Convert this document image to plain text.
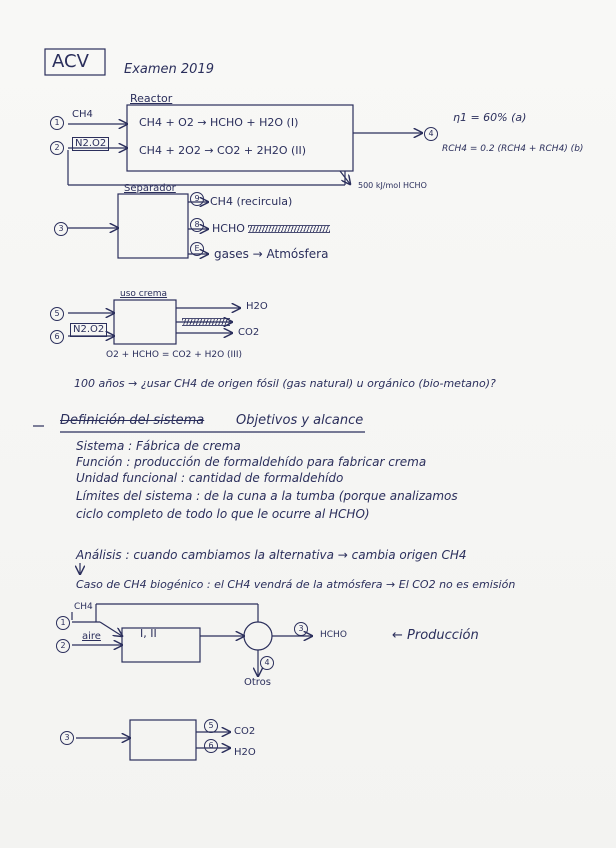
ACV	Examen 2019
Reactor
1
CH4
2	N2.O2
CH4 + O2 → HCHO + H2O (I)
CH4 + 2O2 → CO2 + 2H2O (II)
4
η1 = 60% (a)
RCH4 = 0.2 (RCH4 + RCH4) (b)
500 kJ/mol HCHO
Separador
3
9 CH4 (recircula)
8	HCHO
E	gases → Atmósfera
uso crema
5
6
N2.O2
H2O
CO2
O2 + HCHO = CO2 + H2O (III)
100 años → ¿usar CH4 de origen fósil (gas natural) u orgánico (bio-metano)?
Definición del sistema Objetivos y alcance
Sistema : Fábrica de crema
Función : producción de formaldehído para fabricar crema
Unidad funcional : cantidad de formaldehído
Límites del sistema : de la cuna a la tumba (porque analizamos
ciclo completo de todo lo que le ocurre al HCHO)
Análisis : cuando cambiamos la alternativa → cambia origen CH4
Caso de CH4 biogénico : el CH4 vendrá de la atmósfera → El CO2 no es emisión
1
CH4
2
aire	I, II	3
HCHO	← Producción
4
Otros
3
5
CO2
6
H2O
